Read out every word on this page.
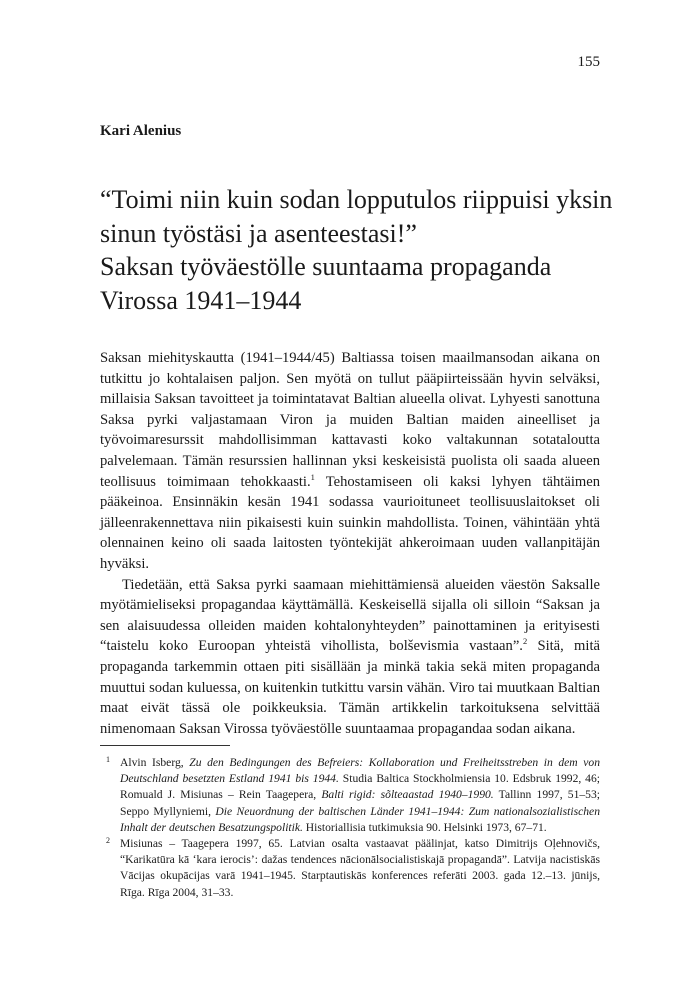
155
Kari Alenius
“Toimi niin kuin sodan lopputulos riippuisi yksin
sinun työstäsi ja asenteestasi!”
Saksan työväestölle suuntaama propaganda
Virossa 1941–1944

Saksan miehityskautta (1941–1944/45) Baltiassa toisen maailmansodan aikana on tutkittu jo kohtalaisen paljon. Sen myötä on tullut pääpiirteissään hyvin selväksi, millaisia Saksan tavoitteet ja toimintatavat Baltian alueella olivat. Lyhyesti sanottuna Saksa pyrki valjastamaan Viron ja muiden Baltian maiden aineelliset ja työvoimaresurssit mahdollisimman kattavasti koko valtakunnan sotataloutta palvelemaan. Tämän resurssien hallinnan yksi keskeisistä puolista oli saada alueen teollisuus toimimaan tehokkaasti.$^1$ Tehostamiseen oli kaksi lyhyen tähtäimen pääkeinoa. Ensinnäkin kesän 1941 sodassa vaurioituneet teollisuuslaitokset oli jälleenrakennettava niin pikaisesti kuin suinkin mahdollista. Toinen, vähintään yhtä olennainen keino oli saada laitosten työntekijät ahkeroimaan uuden vallanpitäjän hyväksi.

Tiedetään, että Saksa pyrki saamaan miehittämiensä alueiden väestön Saksalle myötämieliseksi propagandaa käyttämällä. Keskeisellä sijalla oli silloin “Saksan ja sen alaisuudessa olleiden maiden kohtalonyhteyden” painottaminen ja erityisesti “taistelu koko Euroopan yhteistä vihollista, bolševismia vastaan”.$^2$ Sitä, mitä propaganda tarkemmin ottaen piti sisällään ja minkä takia sekä miten propaganda muuttui sodan kuluessa, on kuitenkin tutkittu varsin vähän. Viro tai muutkaan Baltian maat eivät tässä ole poikkeuksia. Tämän artikkelin tarkoituksena selvittää nimenomaan Saksan Virossa työväestölle suuntaamaa propagandaa sodan aikana.

1 Alvin Isberg, Zu den Bedingungen des Befreiers: Kollaboration und Freiheitsstreben in dem von Deutschland besetzten Estland 1941 bis 1944. Studia Baltica Stockholmiensia 10. Edsbruk 1992, 46; Romuald J. Misiunas – Rein Taagepera, Balti rigid: sõlteaastad 1940–1990. Tallinn 1997, 51–53; Seppo Myllyniemi, Die Neuordnung der baltischen Länder 1941–1944: Zum nationalsozialistischen Inhalt der deutschen Besatzungspolitik. Historiallisia tutkimuksia 90. Helsinki 1973, 67–71.

2 Misiunas – Taagepera 1997, 65. Latvian osalta vastaavat päälinjat, katso Dimitrijs Oļehnovičs, “Karikatūra kā ‘kara ierocis’: dažas tendences nācionālsocialistiskajā propagandā”. Latvija nacistiskās Vācijas okupācijas varā 1941–1945. Starptautiskās konferences referāti 2003. gada 12.–13. jūnijs, Rīga. Rīga 2004, 31–33.
